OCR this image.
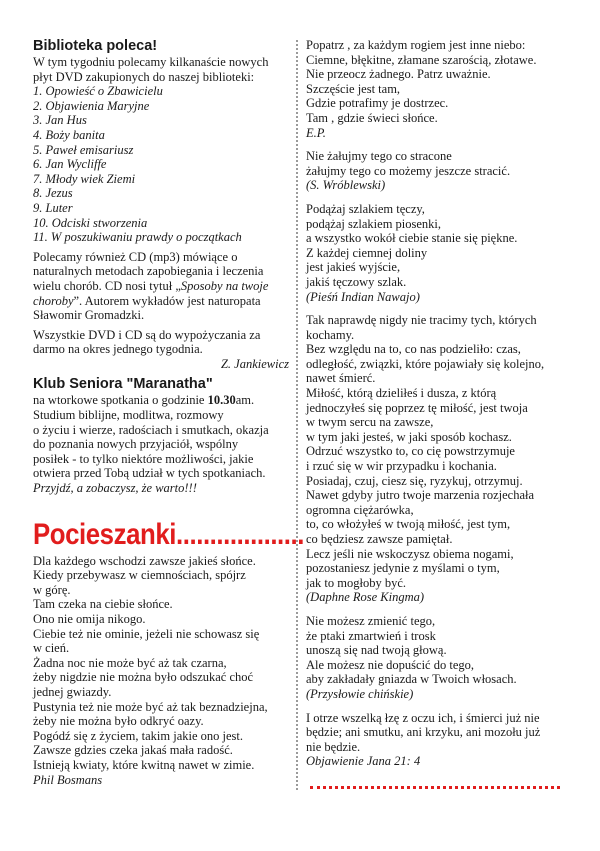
Biblioteka poleca!
W tym tygodniu polecamy kilkanaście nowych
płyt DVD zakupionych do naszej biblioteki:
1. Opowieść o Zbawicielu
2. Objawienia Maryjne
3. Jan Hus
4. Boży banita
5. Paweł emisariusz
6. Jan Wycliffe
7. Młody wiek Ziemi
8. Jezus
9. Luter
10. Odciski stworzenia
11. W poszukiwaniu prawdy o początkach
Polecamy również CD (mp3) mówiące o
naturalnych metodach zapobiegania i leczenia
wielu chorób. CD nosi tytuł „Sposoby na twoje
choroby”. Autorem wykładów jest naturopata
Sławomir Gromadzki.
Wszystkie DVD i CD są do wypożyczania za
darmo na okres jednego tygodnia.
Z. Jankiewicz
Klub Seniora "Maranatha"
na wtorkowe spotkania o godzinie 10.30am.
Studium biblijne, modlitwa, rozmowy
o życiu i wierze, radościach i smutkach, okazja
do poznania nowych przyjaciół, wspólny
posiłek - to tylko niektóre możliwości, jakie
otwiera przed Tobą udział w tych spotkaniach.
Przyjdź, a zobaczysz, że warto!!!
Pocieszanki...................
Dla każdego wschodzi zawsze jakieś słońce.
Kiedy przebywasz w ciemnościach, spójrz
w górę.
Tam czeka na ciebie słońce.
Ono nie omija nikogo.
Ciebie też nie ominie, jeżeli nie schowasz się
w cień.
Żadna noc nie może być aż tak czarna,
żeby nigdzie nie można było odszukać choć
jednej gwiazdy.
Pustynia też nie może być aż tak beznadziejna,
żeby nie można było odkryć oazy.
Pogódź się z życiem, takim jakie ono jest.
Zawsze gdzies czeka jakaś mała radość.
Istnieją kwiaty, które kwitną nawet w zimie.
Phil Bosmans
Popatrz , za każdym rogiem jest inne niebo:
Ciemne, błękitne, złamane szarością, złotawe.
Nie przeocz żadnego. Patrz uważnie.
Szczęście jest tam,
Gdzie potrafimy je dostrzec.
Tam , gdzie świeci słońce.
E.P.
Nie żałujmy tego co stracone
żałujmy tego co możemy jeszcze stracić.
(S. Wróblewski)
Podążaj szlakiem tęczy,
podążaj szlakiem piosenki,
a wszystko wokół ciebie stanie się piękne.
Z każdej ciemnej doliny
jest jakieś wyjście,
jakiś tęczowy szlak.
(Pieśń Indian Nawajo)
Tak naprawdę nigdy nie tracimy tych, których
kochamy.
Bez względu na to, co nas podzieliło: czas,
odległość, związki, które pojawiały się kolejno,
nawet śmierć.
Miłość, którą dzieliłeś i dusza, z którą
jednoczyłeś się poprzez tę miłość, jest twoja
w twym sercu na zawsze,
w tym jaki jesteś, w jaki sposób kochasz.
Odrzuć wszystko to, co cię powstrzymuje
i rzuć się w wir przypadku i kochania.
Posiadaj, czuj, ciesz się, ryzykuj, otrzymuj.
Nawet gdyby jutro twoje marzenia rozjechała
ogromna ciężarówka,
to, co włożyłeś w twoją miłość, jest tym,
co będziesz zawsze pamiętał.
Lecz jeśli nie wskoczysz obiema nogami,
pozostaniesz jedynie z myślami o tym,
jak to mogłoby być.
(Daphne Rose Kingma)
Nie możesz zmienić tego,
że ptaki zmartwień i trosk
unoszą się nad twoją głową.
Ale możesz nie dopuścić do tego,
aby zakładały gniazda w Twoich włosach.
(Przysłowie chińskie)
I otrze wszelką łzę z oczu ich, i śmierci już nie
będzie; ani smutku, ani krzyku, ani mozołu już
nie będzie.
Objawienie Jana 21: 4
